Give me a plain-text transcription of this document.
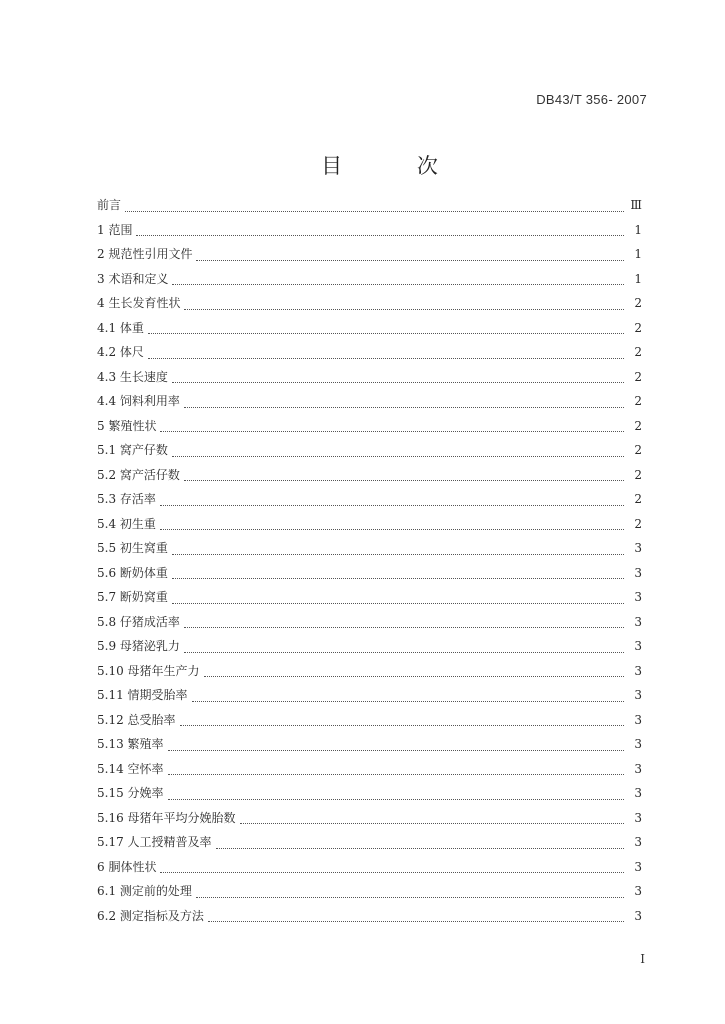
DB43/T 356- 2007
目 次
前言	Ⅲ
1 范围	1
2 规范性引用文件	1
3 术语和定义	1
4 生长发育性状	2
4.1 体重	2
4.2 体尺	2
4.3 生长速度	2
4.4 饲料利用率	2
5 繁殖性状	2
5.1 窝产仔数	2
5.2 窝产活仔数	2
5.3 存活率	2
5.4 初生重	2
5.5 初生窝重	3
5.6 断奶体重	3
5.7 断奶窝重	3
5.8 仔猪成活率	3
5.9 母猪泌乳力	3
5.10 母猪年生产力	3
5.11 情期受胎率	3
5.12 总受胎率	3
5.13 繁殖率	3
5.14 空怀率	3
5.15 分娩率	3
5.16 母猪年平均分娩胎数	3
5.17 人工授精普及率	3
6 胴体性状	3
6.1 测定前的处理	3
6.2 测定指标及方法	3
I
